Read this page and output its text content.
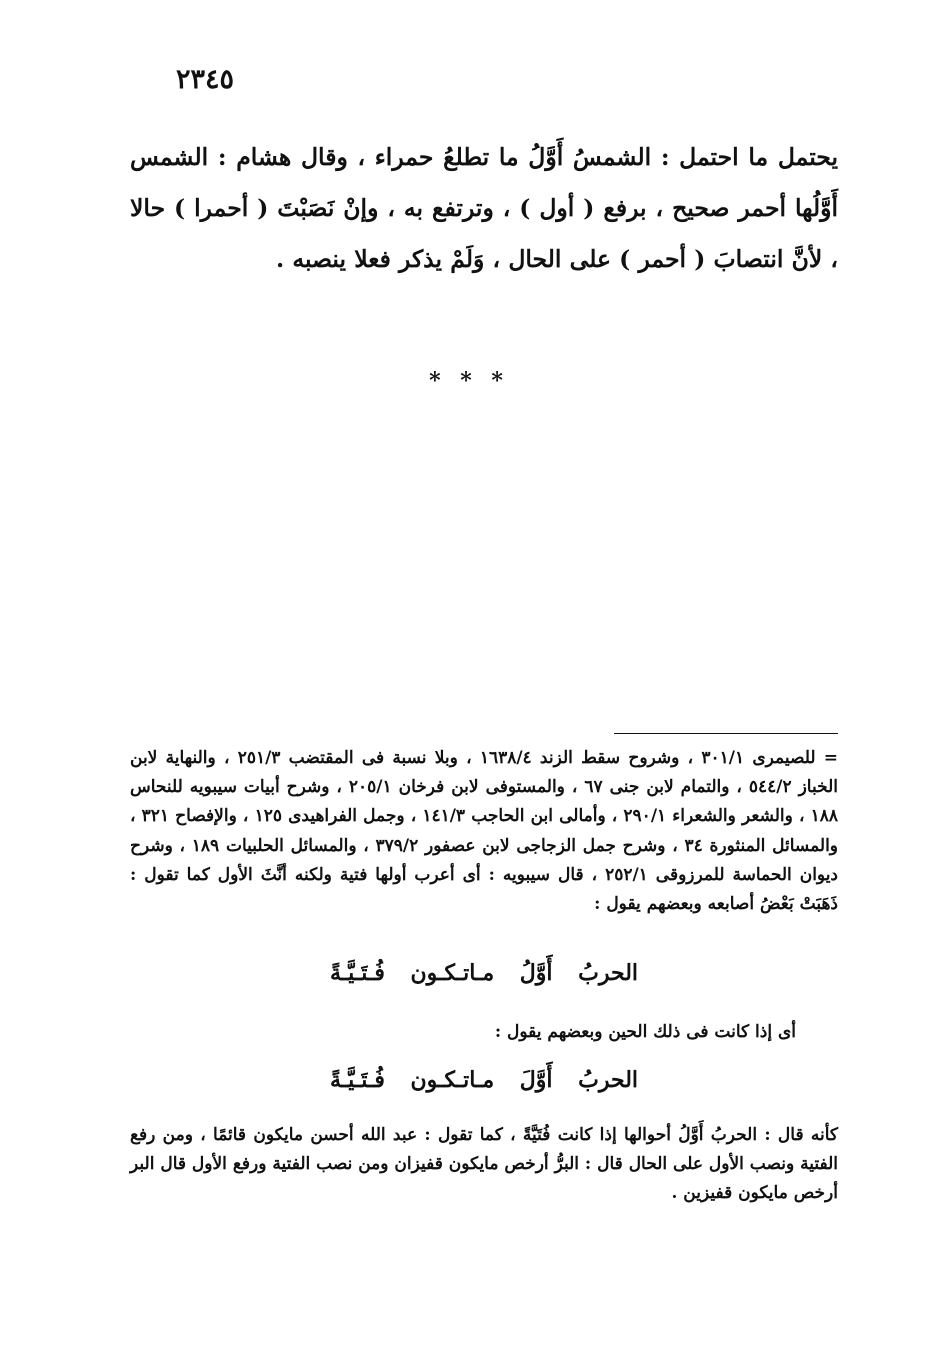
٢٣٤٥

يحتمل ما احتمل : الشمسُ أَوَّلُ ما تطلعُ حمراء ، وقال هشام : الشمس أَوَّلُها أحمر صحيح ، برفع ( أول ) ، وترتفع به ، وإنْ نَصَبْتَ ( أحمرا ) حالا ، لأنَّ انتصابَ ( أحمر ) على الحال ، وَلَمْ يذكر فعلا ينصبه .

* * *

= للصيمرى ٣٠١/١ ، وشروح سقط الزند ١٦٣٨/٤ ، وبلا نسبة فى المقتضب ٢٥١/٣ ، والنهاية لابن الخباز ٥٤٤/٢ ، والتمام لابن جنى ٦٧ ، والمستوفى لابن فرخان ٢٠٥/١ ، وشرح أبيات سيبويه للنحاس ١٨٨ ، والشعر والشعراء ٢٩٠/١ ، وأمالى ابن الحاجب ١٤١/٣ ، وجمل الفراهيدى ١٢٥ ، والإفصاح ٣٢١ ، والمسائل المنثورة ٣٤ ، وشرح جمل الزجاجى لابن عصفور ٣٧٩/٢ ، والمسائل الحلبيات ١٨٩ ، وشرح ديوان الحماسة للمرزوقى ٢٥٢/١ ، قال سيبويه : أى أعرب أولها فتية ولكنه أنَّثَ الأول كما تقول : ذَهَبَتْ بَعْضُ أصابعه وبعضهم يقول :

الحربُ أَوَّلُ مـاتـكـون فُـتَـيَّـةً

أى إذا كانت فى ذلك الحين وبعضهم يقول :

الحربُ أَوَّلَ مـاتـكـون فُـتَـيَّـةً

كأنه قال : الحربُ أَوَّلُ أحوالها إذا كانت فُتَيَّةً ، كما تقول : عبد الله أحسن مايكون قائمًا ، ومن رفع الفتية ونصب الأول على الحال قال : البرُّ أرخص مايكون قفيزان ومن نصب الفتية ورفع الأول قال البر أرخص مايكون قفيزين .
